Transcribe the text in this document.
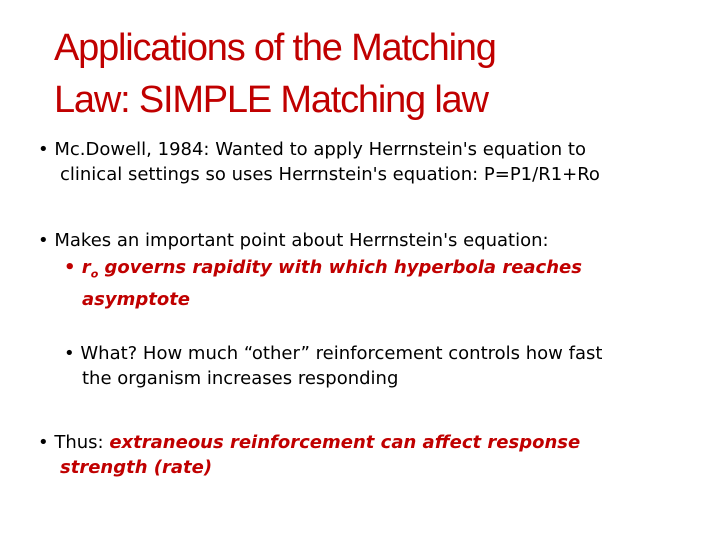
Applications of the Matching
Law: SIMPLE Matching law
• Mc.Dowell, 1984: Wanted to apply Herrnstein's equation to
clinical settings so uses Herrnstein's equation: P=P1/R1+Ro
• Makes an important point about Herrnstein's equation:
• $r_o$ governs rapidity with which hyperbola reaches
asymptote
• What? How much “other” reinforcement controls how fast
the organism increases responding
• Thus: extraneous reinforcement can affect response
strength (rate)
